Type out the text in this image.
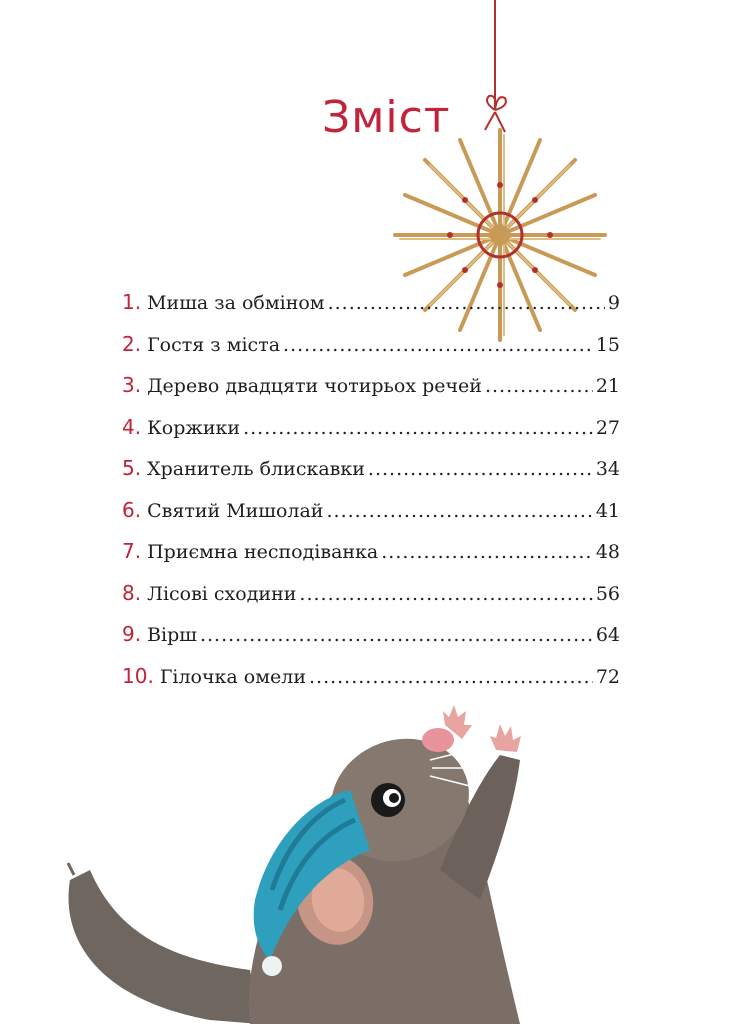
Зміст
1. Миша за обміном .....	9
2. Гостя з міста .....	15
3. Дерево двадцяти чотирьох речей .....	21
4. Коржики .....	27
5. Хранитель блискавки .....	34
6. Святий Мишолай .....	41
7. Приємна несподіванка .....	48
8. Лісові сходини .....	56
9. Вірш .....	64
10. Гілочка омели .....	72
